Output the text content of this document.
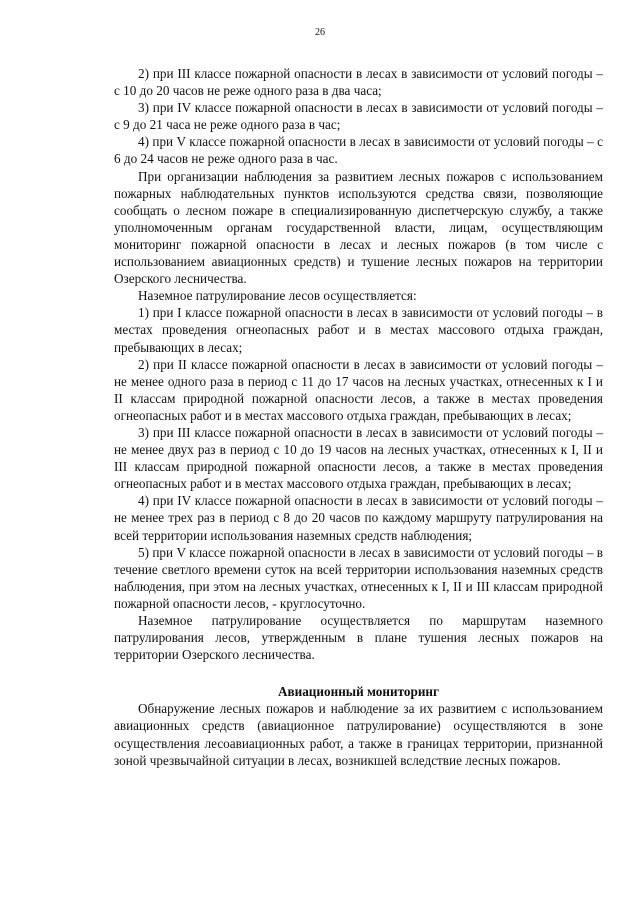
26

2) при III классе пожарной опасности в лесах в зависимости от условий погоды – с 10 до 20 часов не реже одного раза в два часа;

3) при IV классе пожарной опасности в лесах в зависимости от условий погоды – с 9 до 21 часа не реже одного раза в час;

4) при V классе пожарной опасности в лесах в зависимости от условий погоды – с 6 до 24 часов не реже одного раза в час.

При организации наблюдения за развитием лесных пожаров с использованием пожарных наблюдательных пунктов используются средства связи, позволяющие сообщать о лесном пожаре в специализированную диспетчерскую службу, а также уполномоченным органам государственной власти, лицам, осуществляющим мониторинг пожарной опасности в лесах и лесных пожаров (в том числе с использованием авиационных средств) и тушение лесных пожаров на территории Озерского лесничества.

Наземное патрулирование лесов осуществляется:

1) при I классе пожарной опасности в лесах в зависимости от условий погоды – в местах проведения огнеопасных работ и в местах массового отдыха граждан, пребывающих в лесах;

2) при II классе пожарной опасности в лесах в зависимости от условий погоды – не менее одного раза в период с 11 до 17 часов на лесных участках, отнесенных к I и II классам природной пожарной опасности лесов, а также в местах проведения огнеопасных работ и в местах массового отдыха граждан, пребывающих в лесах;

3) при III классе пожарной опасности в лесах в зависимости от условий погоды – не менее двух раз в период с 10 до 19 часов на лесных участках, отнесенных к I, II и III классам природной пожарной опасности лесов, а также в местах проведения огнеопасных работ и в местах массового отдыха граждан, пребывающих в лесах;

4) при IV классе пожарной опасности в лесах в зависимости от условий погоды – не менее трех раз в период с 8 до 20 часов по каждому маршруту патрулирования на всей территории использования наземных средств наблюдения;

5) при V классе пожарной опасности в лесах в зависимости от условий погоды – в течение светлого времени суток на всей территории использования наземных средств наблюдения, при этом на лесных участках, отнесенных к I, II и III классам природной пожарной опасности лесов, - круглосуточно.

Наземное патрулирование осуществляется по маршрутам наземного патрулирования лесов, утвержденным в плане тушения лесных пожаров на территории Озерского лесничества.

Авиационный мониторинг

Обнаружение лесных пожаров и наблюдение за их развитием с использованием авиационных средств (авиационное патрулирование) осуществляются в зоне осуществления лесоавиационных работ, а также в границах территории, признанной зоной чрезвычайной ситуации в лесах, возникшей вследствие лесных пожаров.
